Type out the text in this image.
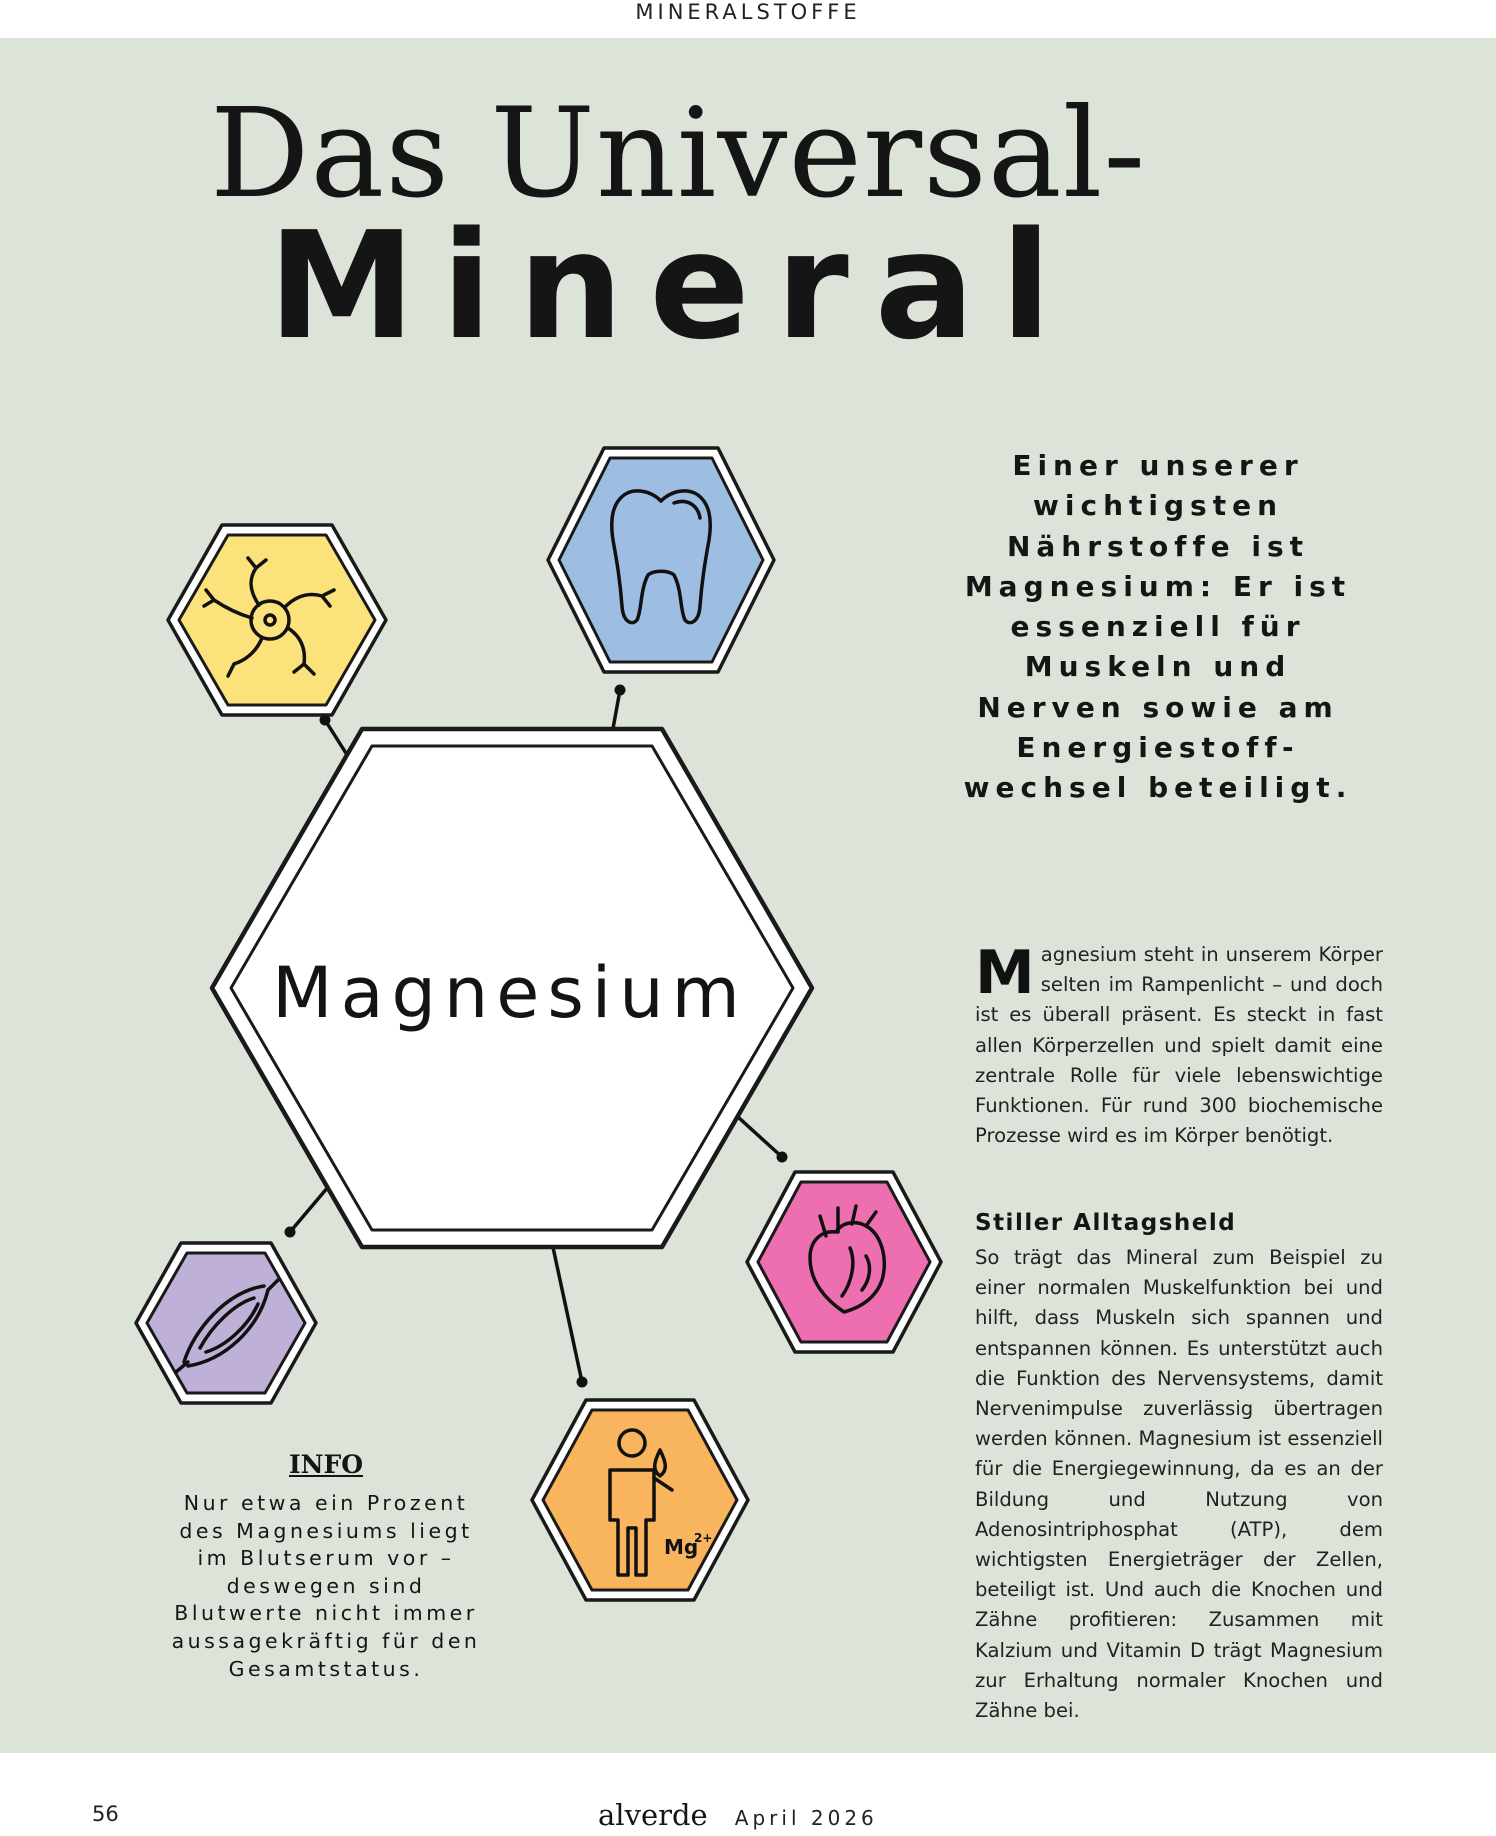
MINERALSTOFFE
Das Universal-
Mineral
Mg
2+
Magnesium
Einer unserer wichtigsten Nährstoffe ist Magnesium: Er ist essenziell für Muskeln und Nerven sowie am Energiestoff-wechsel beteiligt.
M agnesium steht in unserem Körper selten im Rampenlicht – und doch ist es überall präsent. Es steckt in fast allen Körperzellen und spielt damit eine zentrale Rolle für viele lebenswichtige Funktionen. Für rund 300 biochemische Prozesse wird es im Körper benötigt.

Stiller Alltagsheld

So trägt das Mineral zum Beispiel zu einer normalen Muskelfunktion bei und hilft, dass Muskeln sich spannen und entspannen können. Es unterstützt auch die Funktion des Nervensystems, damit Nervenimpulse zuverlässig übertragen werden können. Magnesium ist essenziell für die Energiegewinnung, da es an der Bildung und Nutzung von Adenosintriphosphat (ATP), dem wichtigsten Energieträger der Zellen, beteiligt ist. Und auch die Knochen und Zähne profitieren: Zusammen mit Kalzium und Vitamin D trägt Magnesium zur Erhaltung normaler Knochen und Zähne bei.

INFO
Nur etwa ein Prozent des Magnesiums liegt im Blutserum vor – deswegen sind Blutwerte nicht immer aussagekräftig für den Gesamtstatus.
56	alverde April 2026
